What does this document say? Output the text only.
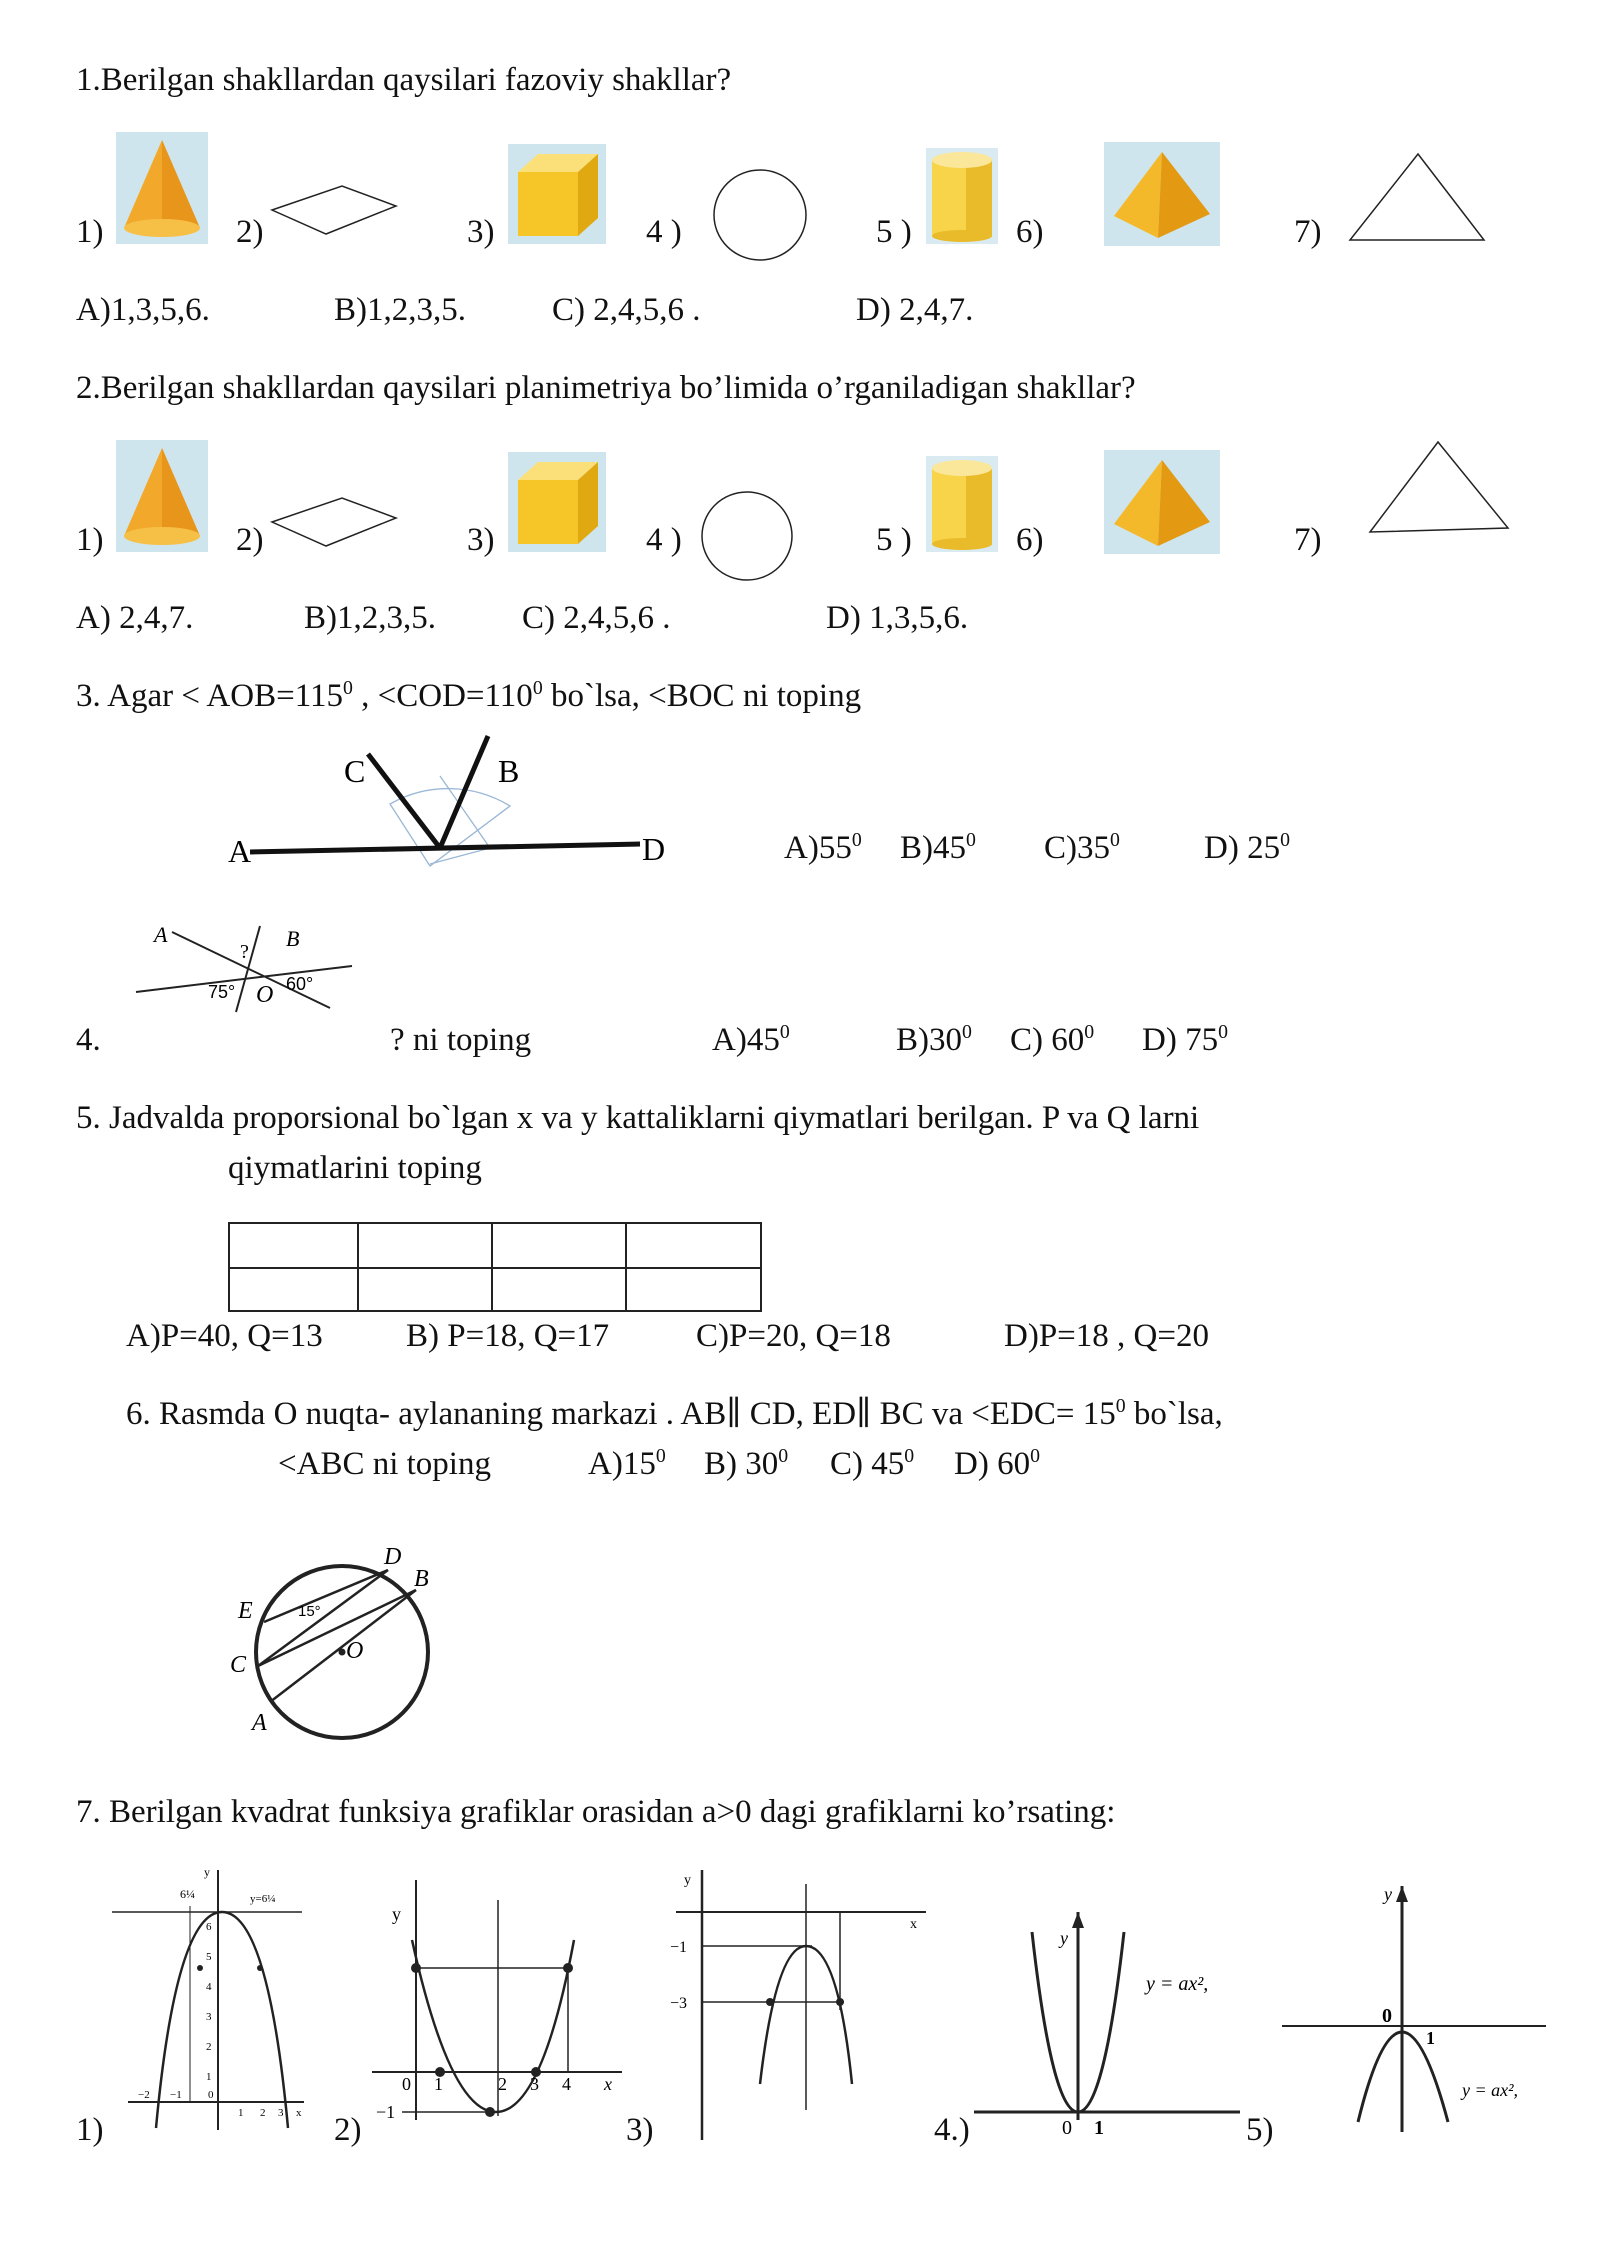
1.Berilgan shakllardan qaysilari fazoviy shakllar?
1)	2)	3)	4 )	5 )	6)	7)
A)1,3,5,6.	B)1,2,3,5.	C) 2,4,5,6 .	D) 2,4,7.
2.Berilgan shakllardan qaysilari planimetriya bo’limida o’rganiladigan shakllar?
1)	2)	3)	4 )	5 )	6)	7)
A) 2,4,7.	B)1,2,3,5.	C) 2,4,5,6 .	D) 1,3,5,6.
3. Agar < $AOB=115^0$ , $<COD=110^0$ bo`lsa, <BOC ni toping
A
C	B
D	$A)55^0$ $B)45^0$ $C)35^0$	D) $25^0$
A	B
?
O
75°	60°
4.	? ni toping	$A)45^0$	$B)30^0$ C) $60^0$ D) $75^0$
5. Jadvalda proporsional bo`lgan x va y kattaliklarni qiymatlari berilgan. P va Q larni
qiymatlarini toping
A)P=40, Q=13	B) P=18, Q=17	C)P=20, Q=18	D)P=18 , Q=20
6. Rasmda O nuqta- aylananing markazi . AB∥ CD, ED∥ BC va $<EDC= 15^0$ bo`lsa,
<ABC ni toping	$A)15^0$ B) $30^0$ C) $45^0$ D) $60^0$
D
B
E
C
A
O
15°
7. Berilgan kvadrat funksiya grafiklar orasidan a>0 dagi grafiklarni ko’rsating:
1)
y
6¼	y=6¼
6
5
4
3
2
1
−2 −1 0
1 2 3 x 2)
y
x
0 1	2 3 4
−1	3)
y
x
−1
−3
4.)
y
y = ax²,
0 1	5)
y
0
1
y = ax²,
